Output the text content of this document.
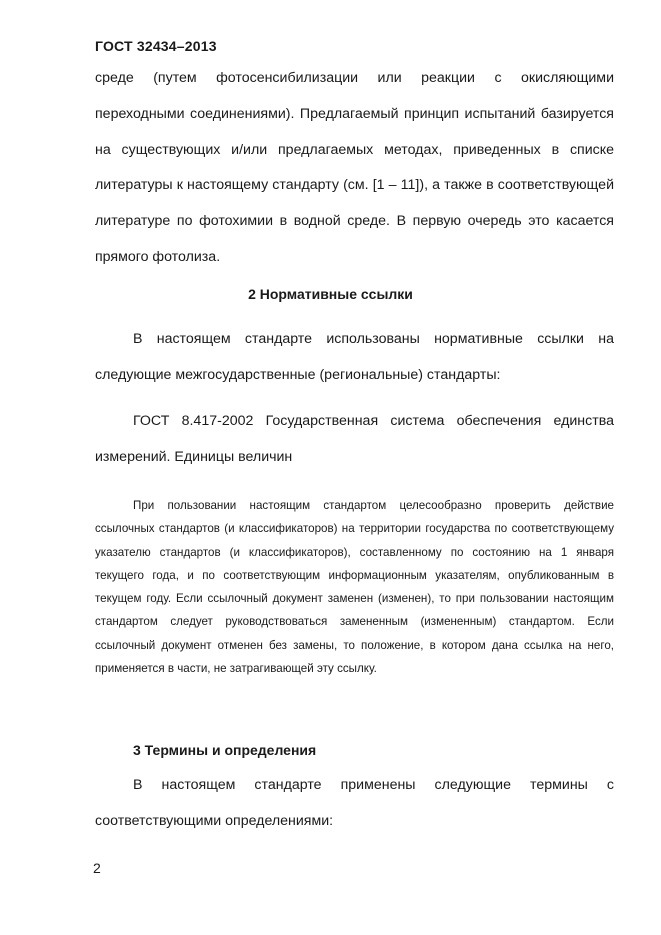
ГОСТ 32434–2013
среде (путем фотосенсибилизации или реакции с окисляющими переходными соединениями). Предлагаемый принцип испытаний базируется на существующих и/или предлагаемых методах, приведенных в списке литературы к настоящему стандарту (см. [1 – 11]), а также в соответствующей литературе по фотохимии в водной среде. В первую очередь это касается прямого фотолиза.
2 Нормативные ссылки
В настоящем стандарте использованы нормативные ссылки на следующие межгосударственные (региональные) стандарты:
ГОСТ 8.417-2002 Государственная система обеспечения единства измерений. Единицы величин
При пользовании настоящим стандартом целесообразно проверить действие ссылочных стандартов (и классификаторов) на территории государства по соответствующему указателю стандартов (и классификаторов), составленному по состоянию на 1 января текущего года, и по соответствующим информационным указателям, опубликованным в текущем году. Если ссылочный документ заменен (изменен), то при пользовании настоящим стандартом следует руководствоваться замененным (измененным) стандартом. Если ссылочный документ отменен без замены, то положение, в котором дана ссылка на него, применяется в части, не затрагивающей эту ссылку.
3 Термины и определения
В настоящем стандарте применены следующие термины с соответствующими определениями:
2
